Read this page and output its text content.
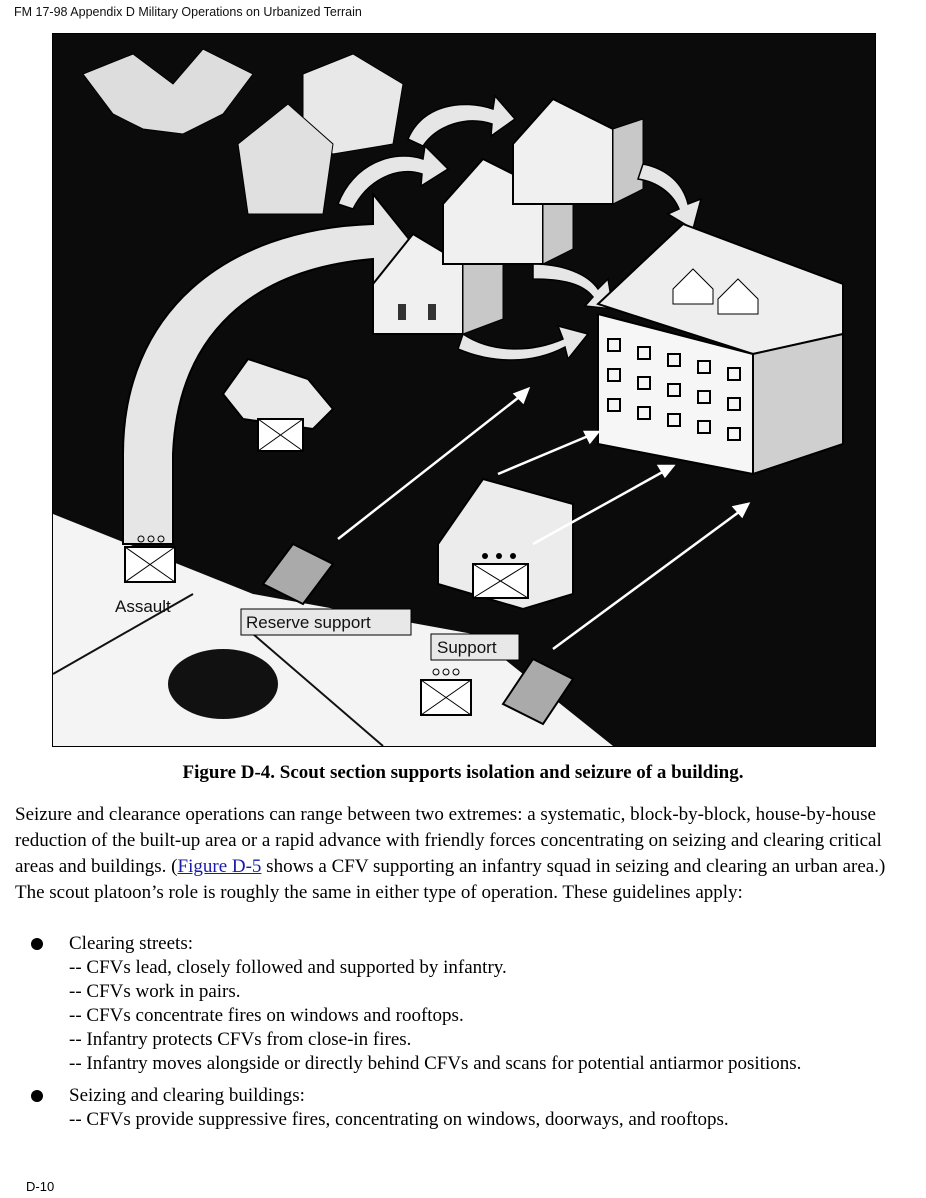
FM 17-98 Appendix D Military Operations on Urbanized Terrain
Assault
Reserve support
Support
Figure D-4. Scout section supports isolation and seizure of a building.
Seizure and clearance operations can range between two extremes: a systematic, block-by-block, house-by-house reduction of the built-up area or a rapid advance with friendly forces concentrating on seizing and clearing critical areas and buildings. (Figure D-5 shows a CFV supporting an infantry squad in seizing and clearing an urban area.) The scout platoon’s role is roughly the same in either type of operation. These guidelines apply:
Clearing streets:
-- CFVs lead, closely followed and supported by infantry.
-- CFVs work in pairs.
-- CFVs concentrate fires on windows and rooftops.
-- Infantry protects CFVs from close-in fires.
-- Infantry moves alongside or directly behind CFVs and scans for potential antiarmor positions.
Seizing and clearing buildings:
-- CFVs provide suppressive fires, concentrating on windows, doorways, and rooftops.
D-10
